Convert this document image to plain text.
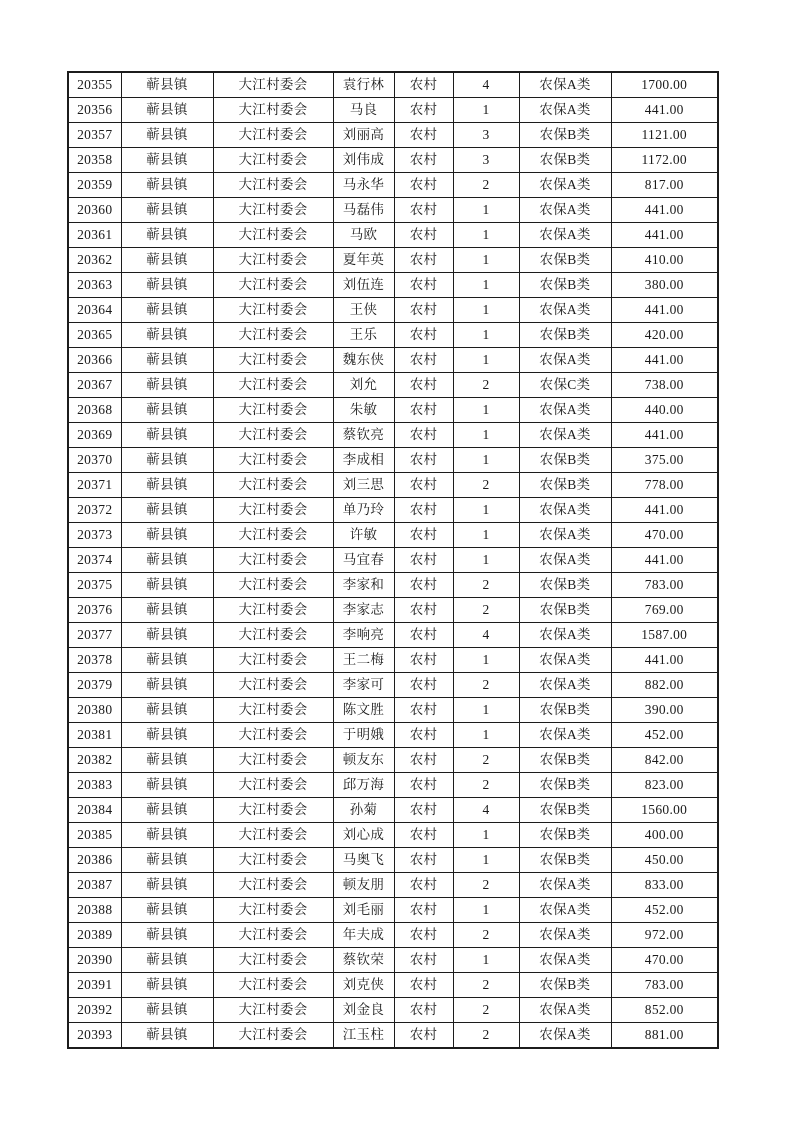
20355	蕲县镇	大江村委会	袁行林	农村	4	农保A类	1700.00
20356	蕲县镇	大江村委会	马良	农村	1	农保A类	441.00
20357	蕲县镇	大江村委会	刘丽高	农村	3	农保B类	1121.00
20358	蕲县镇	大江村委会	刘伟成	农村	3	农保B类	1172.00
20359	蕲县镇	大江村委会	马永华	农村	2	农保A类	817.00
20360	蕲县镇	大江村委会	马磊伟	农村	1	农保A类	441.00
20361	蕲县镇	大江村委会	马欧	农村	1	农保A类	441.00
20362	蕲县镇	大江村委会	夏年英	农村	1	农保B类	410.00
20363	蕲县镇	大江村委会	刘伍连	农村	1	农保B类	380.00
20364	蕲县镇	大江村委会	王侠	农村	1	农保A类	441.00
20365	蕲县镇	大江村委会	王乐	农村	1	农保B类	420.00
20366	蕲县镇	大江村委会	魏东侠	农村	1	农保A类	441.00
20367	蕲县镇	大江村委会	刘允	农村	2	农保C类	738.00
20368	蕲县镇	大江村委会	朱敏	农村	1	农保A类	440.00
20369	蕲县镇	大江村委会	蔡钦亮	农村	1	农保A类	441.00
20370	蕲县镇	大江村委会	李成相	农村	1	农保B类	375.00
20371	蕲县镇	大江村委会	刘三思	农村	2	农保B类	778.00
20372	蕲县镇	大江村委会	单乃玲	农村	1	农保A类	441.00
20373	蕲县镇	大江村委会	许敏	农村	1	农保A类	470.00
20374	蕲县镇	大江村委会	马宜春	农村	1	农保A类	441.00
20375	蕲县镇	大江村委会	李家和	农村	2	农保B类	783.00
20376	蕲县镇	大江村委会	李家志	农村	2	农保B类	769.00
20377	蕲县镇	大江村委会	李响亮	农村	4	农保A类	1587.00
20378	蕲县镇	大江村委会	王二梅	农村	1	农保A类	441.00
20379	蕲县镇	大江村委会	李家可	农村	2	农保A类	882.00
20380	蕲县镇	大江村委会	陈文胜	农村	1	农保B类	390.00
20381	蕲县镇	大江村委会	于明娥	农村	1	农保A类	452.00
20382	蕲县镇	大江村委会	顿友东	农村	2	农保B类	842.00
20383	蕲县镇	大江村委会	邱万海	农村	2	农保B类	823.00
20384	蕲县镇	大江村委会	孙菊	农村	4	农保B类	1560.00
20385	蕲县镇	大江村委会	刘心成	农村	1	农保B类	400.00
20386	蕲县镇	大江村委会	马奥飞	农村	1	农保B类	450.00
20387	蕲县镇	大江村委会	顿友朋	农村	2	农保A类	833.00
20388	蕲县镇	大江村委会	刘毛丽	农村	1	农保A类	452.00
20389	蕲县镇	大江村委会	年夫成	农村	2	农保A类	972.00
20390	蕲县镇	大江村委会	蔡钦荣	农村	1	农保A类	470.00
20391	蕲县镇	大江村委会	刘克侠	农村	2	农保B类	783.00
20392	蕲县镇	大江村委会	刘金良	农村	2	农保A类	852.00
20393	蕲县镇	大江村委会	江玉柱	农村	2	农保A类	881.00
